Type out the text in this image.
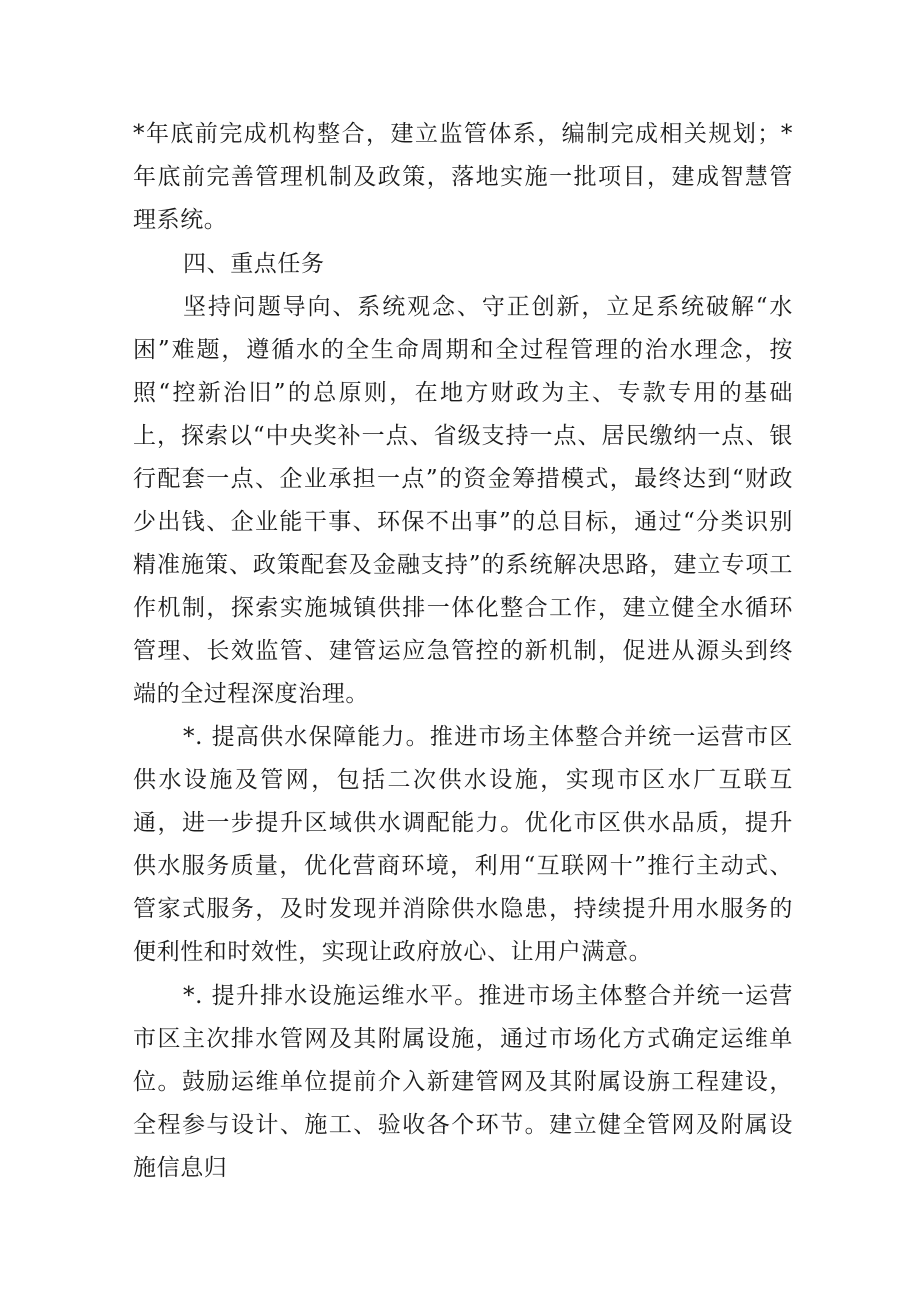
*年底前完成机构整合，建立监管体系，编制完成相关规划；*年底前完善管理机制及政策，落地实施一批项目，建成智慧管理系统。

四、重点任务

坚持问题导向、系统观念、守正创新，立足系统破解“水困”难题，遵循水的全生命周期和全过程管理的治水理念，按照“控新治旧”的总原则，在地方财政为主、专款专用的基础上，探索以“中央奖补一点、省级支持一点、居民缴纳一点、银行配套一点、企业承担一点”的资金筹措模式，最终达到“财政少出钱、企业能干事、环保不出事”的总目标，通过“分类识别精准施策、政策配套及金融支持”的系统解决思路，建立专项工作机制，探索实施城镇供排一体化整合工作，建立健全水循环管理、长效监管、建管运应急管控的新机制，促进从源头到终端的全过程深度治理。

*. 提高供水保障能力。推进市场主体整合并统一运营市区供水设施及管网，包括二次供水设施，实现市区水厂互联互通，进一步提升区域供水调配能力。优化市区供水品质，提升供水服务质量，优化营商环境，利用“互联网十”推行主动式、管家式服务，及时发现并消除供水隐患，持续提升用水服务的便利性和时效性，实现让政府放心、让用户满意。

*. 提升排水设施运维水平。推进市场主体整合并统一运营市区主次排水管网及其附属设施，通过市场化方式确定运维单位。鼓励运维单位提前介入新建管网及其附属设旃工程建设，全程参与设计、施工、验收各个环节。建立健全管网及附属设施信息归
